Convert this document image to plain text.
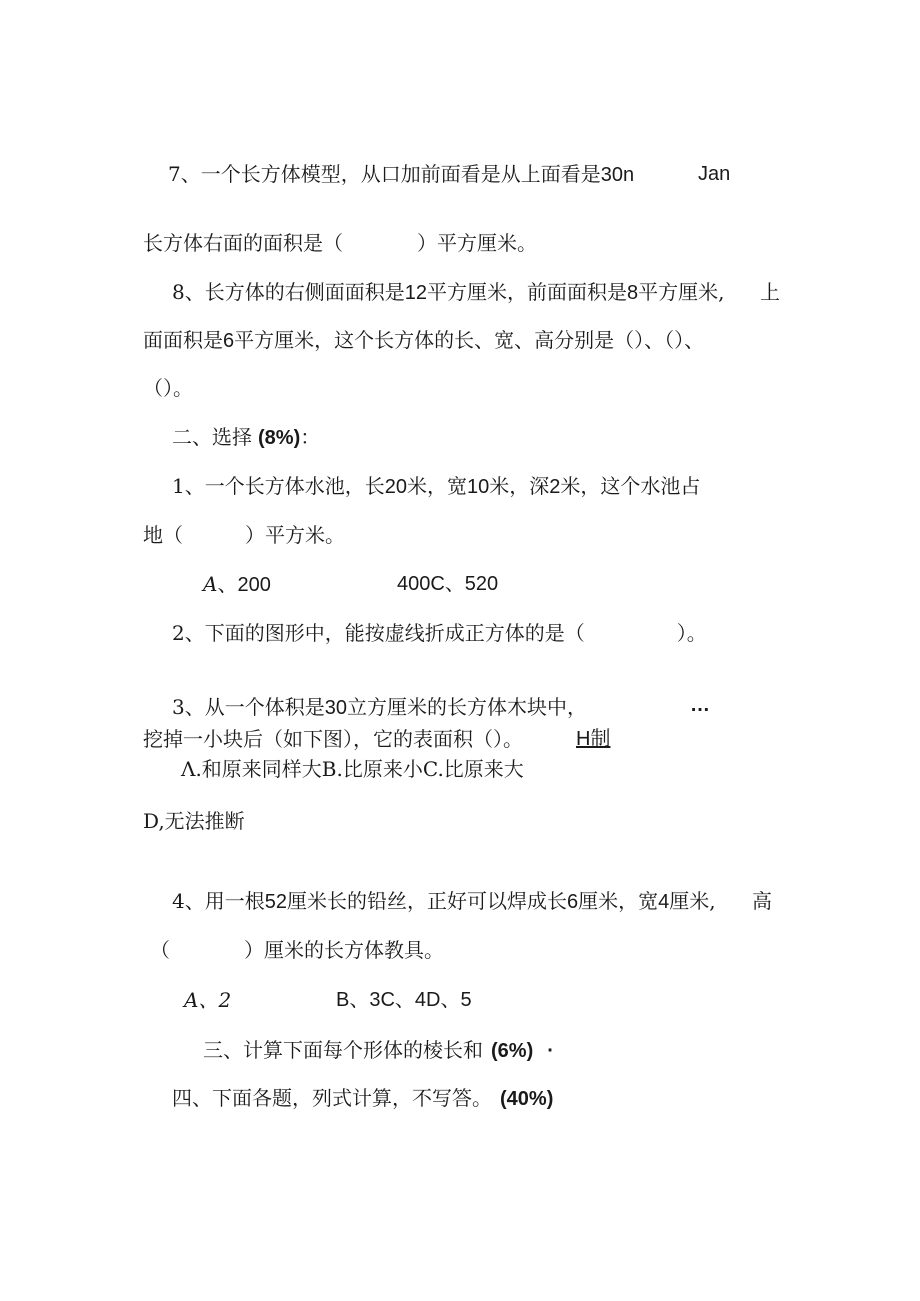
7、一个长方体模型，从口加前面看是从上面看是30n	Jan
长方体右面的面积是（	）平方厘米。
8、长方体的右侧面面积是12平方厘米，前面面积是8平方厘米, 上
面面积是6平方厘米，这个长方体的长、宽、高分别是（）、（）、
（）。
二、选择 (8%)：
1、一个长方体水池，长20米，宽10米，深2米，这个水池占
地（	）平方米。
A、200	400C、520
2、下面的图形中，能按虚线折成正方体的是（	）。
3、从一个体积是30立方厘米的长方体木块中，	…
挖掉一小块后（如下图），它的表面积（）。	H制
Λ.和原来同样大B.比原来小C.比原来大
D,无法推断
4、用一根52厘米长的铅丝，正好可以焊成长6厘米，宽4厘米, 高
（	）厘米的长方体教具。
A、2	B、3C、4D、5
三、计算下面每个形体的棱长和 (6%) ·
四、下面各题，列式计算，不写答。 (40%)
